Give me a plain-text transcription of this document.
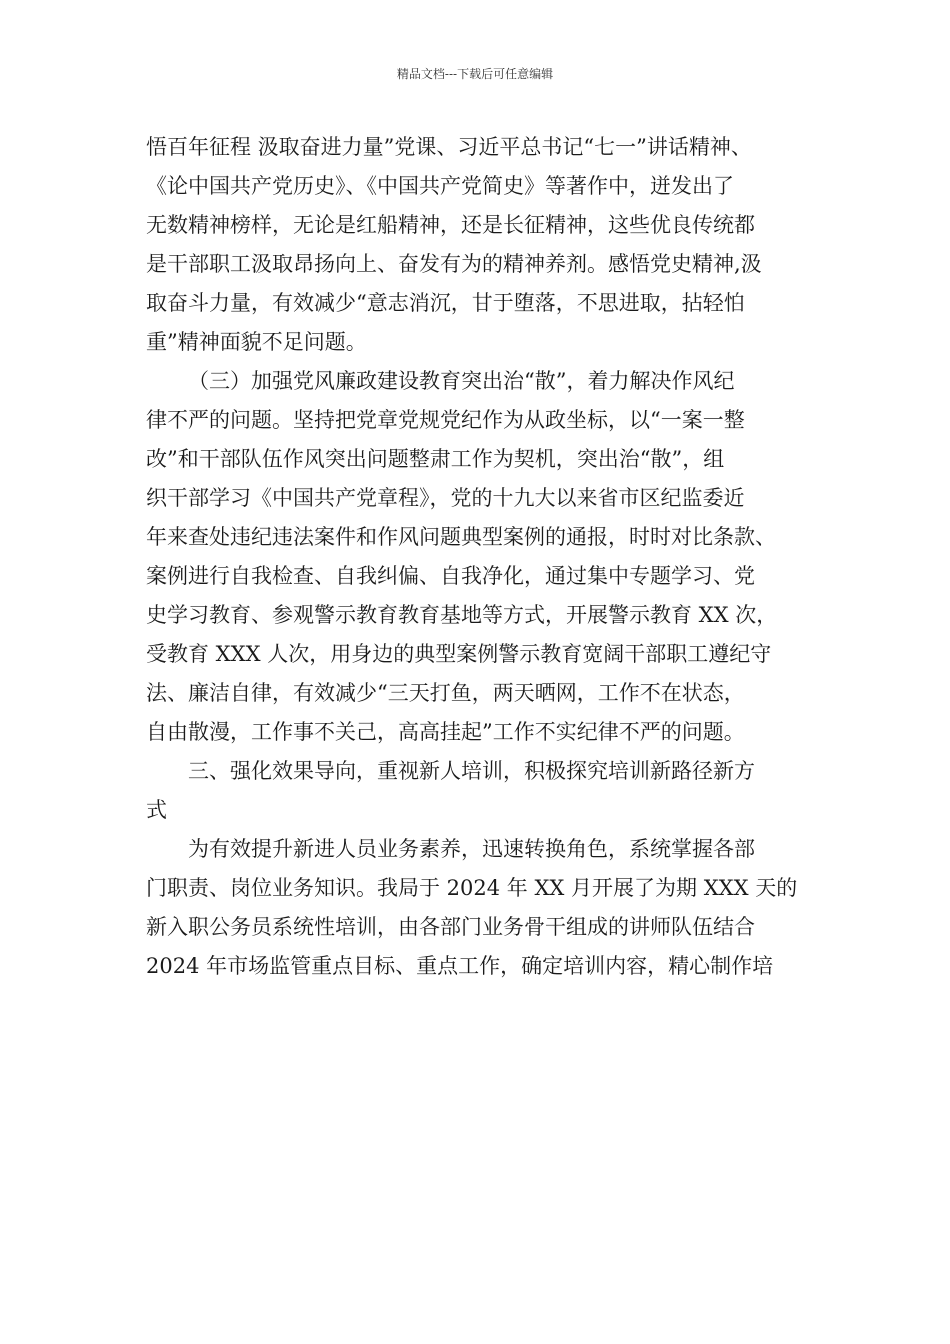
精品文档---下载后可任意编辑
悟百年征程 汲取奋进力量”党课、习近平总书记“七一”讲话精神、
《论中国共产党历史》、《中国共产党简史》等著作中，迸发出了
无数精神榜样，无论是红船精神，还是长征精神，这些优良传统都
是干部职工汲取昂扬向上、奋发有为的精神养剂。感悟党史精神,汲
取奋斗力量，有效减少“意志消沉，甘于堕落，不思进取，拈轻怕
重”精神面貌不足问题。
（三）加强党风廉政建设教育突出治“散”，着力解决作风纪
律不严的问题。坚持把党章党规党纪作为从政坐标，以“一案一整
改”和干部队伍作风突出问题整肃工作为契机，突出治“散”，组
织干部学习《中国共产党章程》，党的十九大以来省市区纪监委近
年来查处违纪违法案件和作风问题典型案例的通报，时时对比条款、
案例进行自我检查、自我纠偏、自我净化，通过集中专题学习、党
史学习教育、参观警示教育教育基地等方式，开展警示教育 XX 次，
受教育 XXX 人次，用身边的典型案例警示教育宽阔干部职工遵纪守
法、廉洁自律，有效减少“三天打鱼，两天晒网，工作不在状态，
自由散漫，工作事不关己，高高挂起”工作不实纪律不严的问题。
三、强化效果导向，重视新人培训，积极探究培训新路径新方
式
为有效提升新进人员业务素养，迅速转换角色，系统掌握各部
门职责、岗位业务知识。我局于 2024 年 XX 月开展了为期 XXX 天的
新入职公务员系统性培训，由各部门业务骨干组成的讲师队伍结合
2024 年市场监管重点目标、重点工作，确定培训内容，精心制作培
